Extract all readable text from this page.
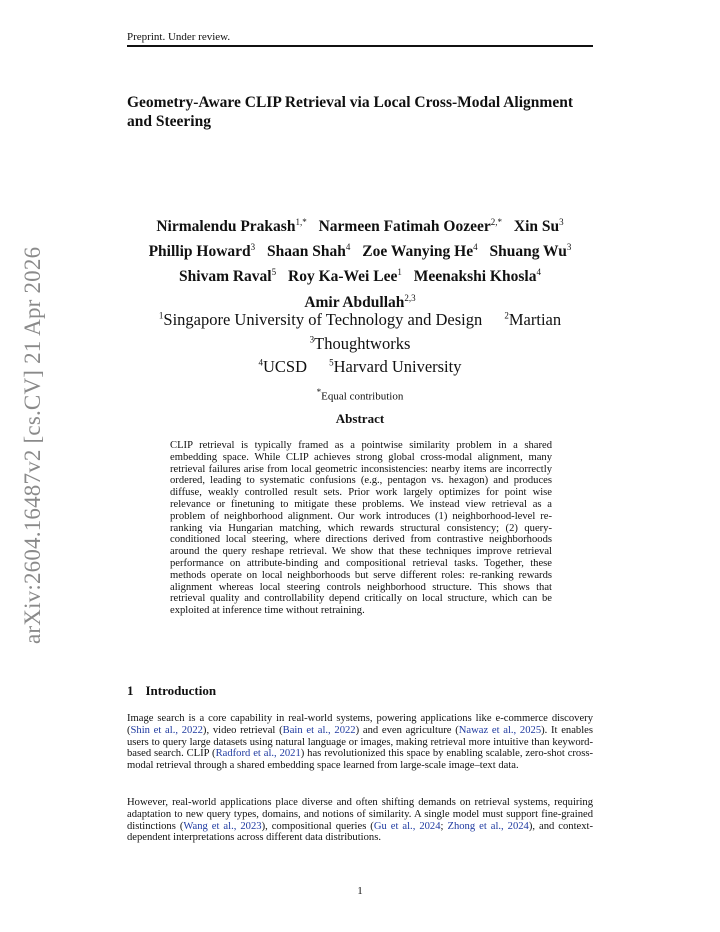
Preprint. Under review.
arXiv:2604.16487v2 [cs.CV] 21 Apr 2026
Geometry-Aware CLIP Retrieval via Local Cross-Modal Alignment and Steering
Nirmalendu Prakash$^{1,*}$ Narmeen Fatimah Oozeer$^{2,*}$ Xin Su$^3$ Phillip Howard$^3$ Shaan Shah$^4$ Zoe Wanying He$^4$ Shuang Wu$^3$ Shivam Raval$^5$ Roy Ka-Wei Lee$^1$ Meenakshi Khosla$^4$ Amir Abdullah$^{2,3}$
$^1$Singapore University of Technology and Design $^2$Martian $^3$Thoughtworks
$^4$UCSD $^5$Harvard University
*Equal contribution
Abstract
CLIP retrieval is typically framed as a pointwise similarity problem in a shared embedding space. While CLIP achieves strong global cross-modal alignment, many retrieval failures arise from local geometric inconsistencies: nearby items are incorrectly ordered, leading to systematic confusions (e.g., pentagon vs. hexagon) and produces diffuse, weakly controlled result sets. Prior work largely optimizes for point wise relevance or finetuning to mitigate these problems. We instead view retrieval as a problem of neighborhood alignment. Our work introduces (1) neighborhood-level re-ranking via Hungarian matching, which rewards structural consistency; (2) query-conditioned local steering, where directions derived from contrastive neighborhoods around the query reshape retrieval. We show that these techniques improve retrieval performance on attribute-binding and compositional retrieval tasks. Together, these methods operate on local neighborhoods but serve different roles: re-ranking rewards alignment whereas local steering controls neighborhood structure. This shows that retrieval quality and controllability depend critically on local structure, which can be exploited at inference time without retraining.
1 Introduction
Image search is a core capability in real-world systems, powering applications like e-commerce discovery (Shin et al., 2022), video retrieval (Bain et al., 2022) and even agriculture (Nawaz et al., 2025). It enables users to query large datasets using natural language or images, making retrieval more intuitive than keyword-based search. CLIP (Radford et al., 2021) has revolutionized this space by enabling scalable, zero-shot cross-modal retrieval through a shared embedding space learned from large-scale image–text data.
However, real-world applications place diverse and often shifting demands on retrieval systems, requiring adaptation to new query types, domains, and notions of similarity. A single model must support fine-grained distinctions (Wang et al., 2023), compositional queries (Gu et al., 2024; Zhong et al., 2024), and context-dependent interpretations across different data distributions.
1
